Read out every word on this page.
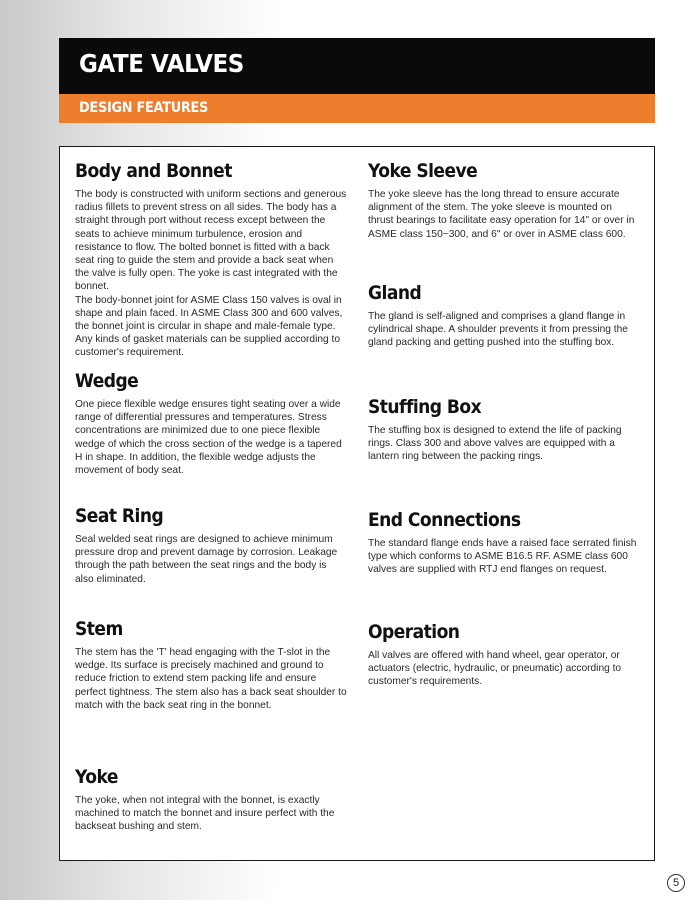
GATE VALVES
DESIGN FEATURES
Body and Bonnet

The body is constructed with uniform sections and generous radius fillets to prevent stress on all sides. The body has a straight through port without recess except between the seats to achieve minimum turbulence, erosion and resistance to flow. The bolted bonnet is fitted with a back seat ring to guide the stem and provide a back seat when the valve is fully open. The yoke is cast integrated with the bonnet.

The body-bonnet joint for ASME Class 150 valves is oval in shape and plain faced. In ASME Class 300 and 600 valves, the bonnet joint is circular in shape and male-female type. Any kinds of gasket materials can be supplied according to customer's requirement.

Wedge

One piece flexible wedge ensures tight seating over a wide range of differential pressures and temperatures. Stress concentrations are minimized due to one piece flexible wedge of which the cross section of the wedge is a tapered H in shape. In addition, the flexible wedge adjusts the movement of body seat.

Seat Ring

Seal welded seat rings are designed to achieve minimum pressure drop and prevent damage by corrosion. Leakage through the path between the seat rings and the body is also eliminated.

Stem

The stem has the 'T' head engaging with the T-slot in the wedge. Its surface is precisely machined and ground to reduce friction to extend stem packing life and ensure perfect tightness. The stem also has a back seat shoulder to match with the back seat ring in the bonnet.

Yoke

The yoke, when not integral with the bonnet, is exactly machined to match the bonnet and insure perfect with the backseat bushing and stem.

Yoke Sleeve

The yoke sleeve has the long thread to ensure accurate alignment of the stem. The yoke sleeve is mounted on thrust bearings to facilitate easy operation for 14" or over in ASME class 150~300, and 6" or over in ASME class 600.

Gland

The gland is self-aligned and comprises a gland flange in cylindrical shape. A shoulder prevents it from pressing the gland packing and getting pushed into the stuffing box.

Stuffing Box

The stuffing box is designed to extend the life of packing rings. Class 300 and above valves are equipped with a lantern ring between the packing rings.

End Connections

The standard flange ends have a raised face serrated finish type which conforms to ASME B16.5 RF. ASME class 600 valves are supplied with RTJ end flanges on request.

Operation

All valves are offered with hand wheel, gear operator, or actuators (electric, hydraulic, or pneumatic) according to customer's requirements.

5
